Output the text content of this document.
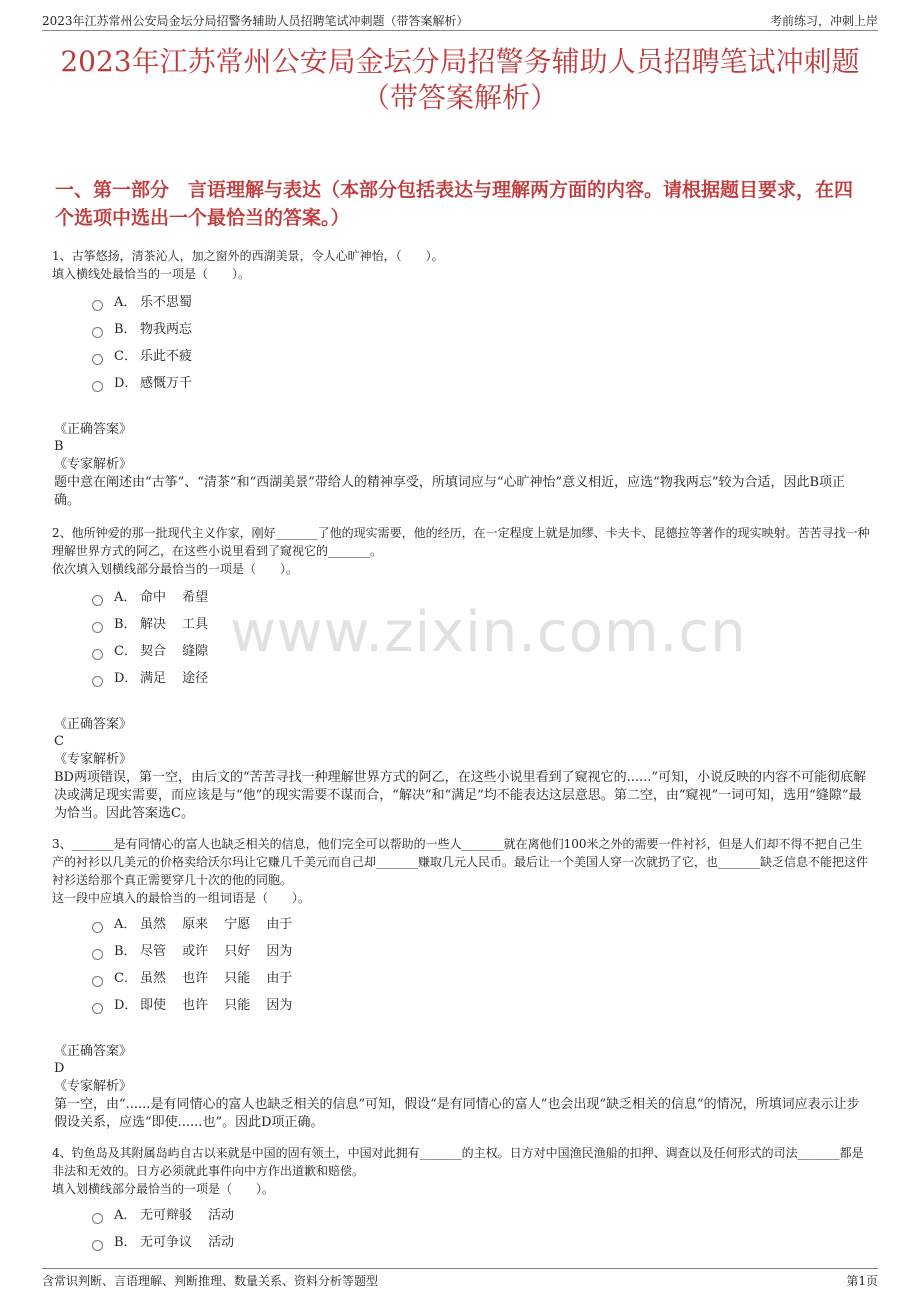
2023年江苏常州公安局金坛分局招警务辅助人员招聘笔试冲刺题（带答案解析）	考前练习，冲刺上岸
2023年江苏常州公安局金坛分局招警务辅助人员招聘笔试冲刺题（带答案解析）
一、第一部分　言语理解与表达（本部分包括表达与理解两方面的内容。请根据题目要求，在四个选项中选出一个最恰当的答案。）
www.zixin.com.cn

1、古筝悠扬，清茶沁人，加之窗外的西湖美景，令人心旷神怡，（　　）。

填入横线处最恰当的一项是（　　）。

A． 乐不思蜀
B． 物我两忘
C． 乐此不疲
D． 感慨万千

《正确答案》

B

《专家解析》

题中意在阐述由“古筝”、“清茶”和“西湖美景”带给人的精神享受，所填词应与“心旷神怡”意义相近，应选“物我两忘”较为合适，因此B项正确。

2、他所钟爱的那一批现代主义作家，刚好_______了他的现实需要，他的经历，在一定程度上就是加缪、卡夫卡、昆德拉等著作的现实映射。苦苦寻找一种理解世界方式的阿乙，在这些小说里看到了窥视它的_______。

依次填入划横线部分最恰当的一项是（　　）。

A． 命中 希望
B． 解决 工具
C． 契合 缝隙
D． 满足 途径

《正确答案》

C

《专家解析》

BD两项错误，第一空，由后文的“苦苦寻找一种理解世界方式的阿乙，在这些小说里看到了窥视它的......”可知，小说反映的内容不可能彻底解决或满足现实需要，而应该是与“他”的现实需要不谋而合，“解决”和“满足”均不能表达这层意思。第二空，由“窥视”一词可知，选用“缝隙”最为恰当。因此答案选C。

3、_______是有同情心的富人也缺乏相关的信息，他们完全可以帮助的一些人_______就在离他们100米之外的需要一件衬衫，但是人们却不得不把自己生产的衬衫以几美元的价格卖给沃尔玛让它赚几千美元而自己却_______赚取几元人民币。最后让一个美国人穿一次就扔了它，也_______缺乏信息不能把这件衬衫送给那个真正需要穿几十次的他的同胞。

这一段中应填入的最恰当的一组词语是（　　）。

A． 虽然 原来 宁愿 由于
B． 尽管 或许 只好 因为
C． 虽然 也许 只能 由于
D． 即使 也许 只能 因为

《正确答案》

D

《专家解析》

第一空，由“......是有同情心的富人也缺乏相关的信息”可知，假设“是有同情心的富人”也会出现“缺乏相关的信息”的情况，所填词应表示让步假设关系，应选“即使......也”。因此D项正确。

4、钓鱼岛及其附属岛屿自古以来就是中国的固有领土，中国对此拥有_______的主权。日方对中国渔民渔船的扣押、调查以及任何形式的司法_______都是非法和无效的。日方必须就此事件向中方作出道歉和赔偿。

填入划横线部分最恰当的一项是（　　）。

A． 无可辩驳 活动
B． 无可争议 活动
含常识判断、言语理解、判断推理、数量关系、资料分析等题型	第1页
